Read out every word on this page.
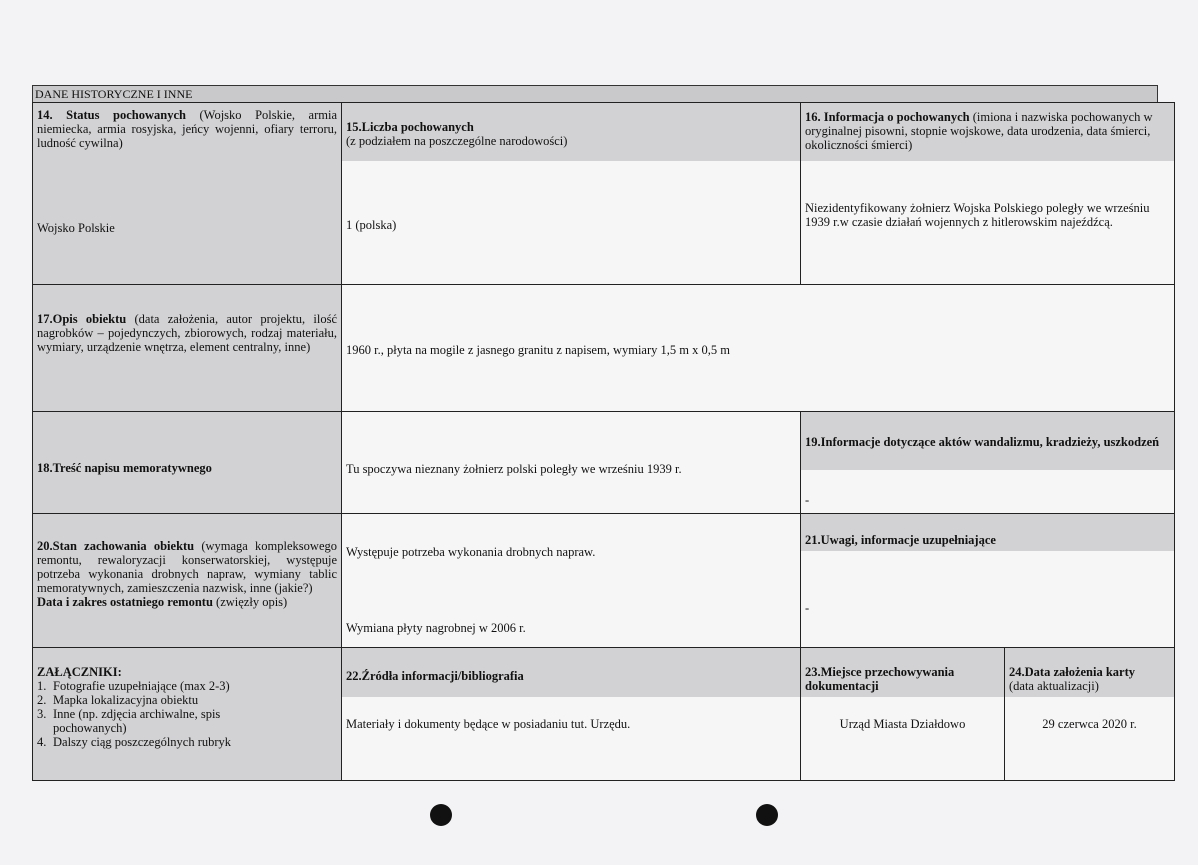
DANE HISTORYCZNE I INNE
14. Status pochowanych (Wojsko Polskie, armia niemiecka, armia rosyjska, jeńcy wojenni, ofiary terroru, ludność cywilna)
Wojsko Polskie
15.Liczba pochowanych
(z podziałem na poszczególne narodowości)
1 (polska)
16. Informacja o pochowanych (imiona i nazwiska pochowanych w oryginalnej pisowni, stopnie wojskowe, data urodzenia, data śmierci, okoliczności śmierci)
Niezidentyfikowany żołnierz Wojska Polskiego poległy we wrześniu 1939 r.w czasie działań wojennych z hitlerowskim najeźdźcą.
17.Opis obiektu (data założenia, autor projektu, ilość nagrobków – pojedynczych, zbiorowych, rodzaj materiału, wymiary, urządzenie wnętrza, element centralny, inne)	1960 r., płyta na mogile z jasnego granitu z napisem, wymiary 1,5 m x 0,5 m
18.Treść napisu memoratywnego	Tu spoczywa nieznany żołnierz polski poległy we wrześniu 1939 r.
19.Informacje dotyczące aktów wandalizmu, kradzieży, uszkodzeń
-
20.Stan zachowania obiektu (wymaga kompleksowego remontu, rewaloryzacji konserwatorskiej, występuje potrzeba wykonania drobnych napraw, wymiany tablic memoratywnych, zamieszczenia nazwisk, inne (jakie?)
Data i zakres ostatniego remontu (zwięzły opis)
Występuje potrzeba wykonania drobnych napraw.
Wymiana płyty nagrobnej w 2006 r.
21.Uwagi, informacje uzupełniające
-
ZAŁĄCZNIKI:
1. Fotografie uzupełniające (max 2-3)
2. Mapka lokalizacyjna obiektu
3. Inne (np. zdjęcia archiwalne, spis pochowanych)
4. Dalszy ciąg poszczególnych rubryk
22.Źródła informacji/bibliografia
Materiały i dokumenty będące w posiadaniu tut. Urzędu.
23.Miejsce przechowywania dokumentacji
Urząd Miasta Działdowo
24.Data założenia karty
(data aktualizacji)
29 czerwca 2020 r.
